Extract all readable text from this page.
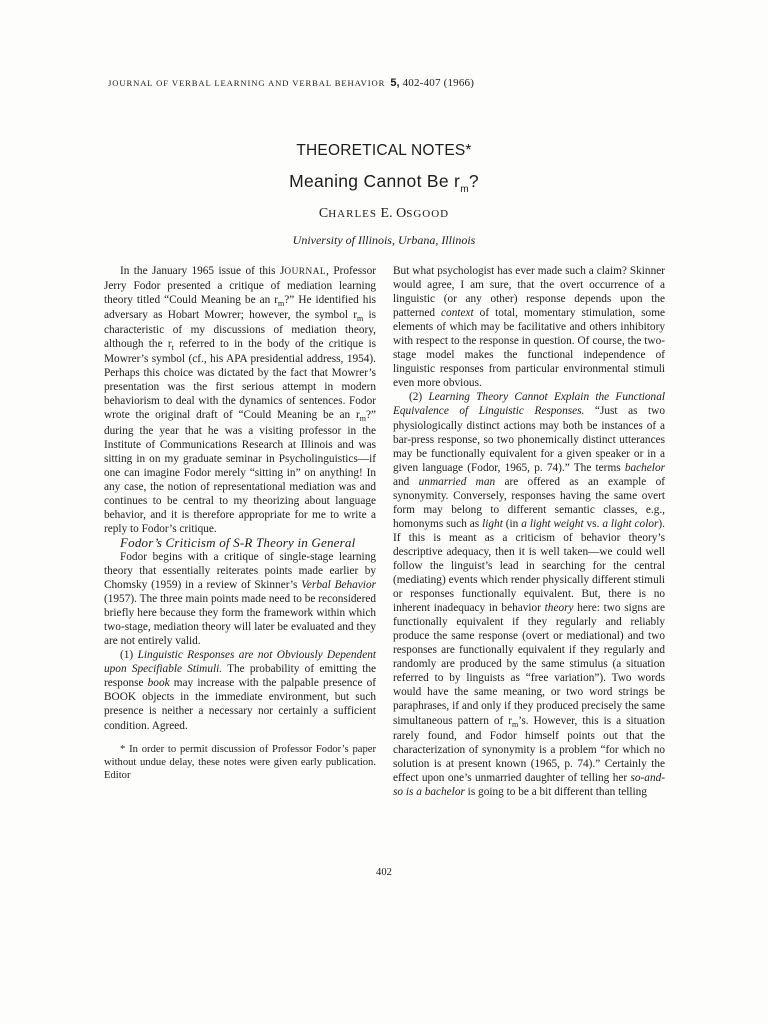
JOURNAL OF VERBAL LEARNING AND VERBAL BEHAVIOR 5, 402-407 (1966)
THEORETICAL NOTES*
Meaning Cannot Be $r_m$?
CHARLES E. OSGOOD
University of Illinois, Urbana, Illinois

In the January 1965 issue of this JOURNAL, Professor Jerry Fodor presented a critique of mediation learning theory titled “Could Meaning be an $r_m$?” He identified his adversary as Hobart Mowrer; however, the symbol $r_m$ is characteristic of my discussions of mediation theory, although the $r_t$ referred to in the body of the critique is Mowrer’s symbol (cf., his APA presidential address, 1954). Perhaps this choice was dictated by the fact that Mowrer’s presentation was the first serious attempt in modern behaviorism to deal with the dynamics of sentences. Fodor wrote the original draft of “Could Meaning be an $r_m$?” during the year that he was a visiting professor in the Institute of Communications Research at Illinois and was sitting in on my graduate seminar in Psycholinguistics—if one can imagine Fodor merely “sitting in” on anything! In any case, the notion of representational mediation was and continues to be central to my theorizing about language behavior, and it is therefore appropriate for me to write a reply to Fodor’s critique.

Fodor’s Criticism of S-R Theory in General

Fodor begins with a critique of single-stage learning theory that essentially reiterates points made earlier by Chomsky (1959) in a review of Skinner’s Verbal Behavior (1957). The three main points made need to be reconsidered briefly here because they form the framework within which two-stage, mediation theory will later be evaluated and they are not entirely valid.

(1) Linguistic Responses are not Obviously Dependent upon Specifiable Stimuli. The probability of emitting the response book may increase with the palpable presence of BOOK objects in the immediate environment, but such presence is neither a necessary nor certainly a sufficient condition. Agreed.

* In order to permit discussion of Professor Fodor’s paper without undue delay, these notes were given early publication. Editor

But what psychologist has ever made such a claim? Skinner would agree, I am sure, that the overt occurrence of a linguistic (or any other) response depends upon the patterned context of total, momentary stimulation, some elements of which may be facilitative and others inhibitory with respect to the response in question. Of course, the two-stage model makes the functional independence of linguistic responses from particular environmental stimuli even more obvious.

(2) Learning Theory Cannot Explain the Functional Equivalence of Linguistic Responses. “Just as two physiologically distinct actions may both be instances of a bar-press response, so two phonemically distinct utterances may be functionally equivalent for a given speaker or in a given language (Fodor, 1965, p. 74).” The terms bachelor and unmarried man are offered as an example of synonymity. Conversely, responses having the same overt form may belong to different semantic classes, e.g., homonyms such as light (in a light weight vs. a light color). If this is meant as a criticism of behavior theory’s descriptive adequacy, then it is well taken—we could well follow the linguist’s lead in searching for the central (mediating) events which render physically different stimuli or responses functionally equivalent. But, there is no inherent inadequacy in behavior theory here: two signs are functionally equivalent if they regularly and reliably produce the same response (overt or mediational) and two responses are functionally equivalent if they regularly and randomly are produced by the same stimulus (a situation referred to by linguists as “free variation”). Two words would have the same meaning, or two word strings be paraphrases, if and only if they produced precisely the same simultaneous pattern of $r_m’s$. However, this is a situation rarely found, and Fodor himself points out that the characterization of synonymity is a problem “for which no solution is at present known (1965, p. 74).” Certainly the effect upon one’s unmarried daughter of telling her so-and-so is a bachelor is going to be a bit different than telling

402
